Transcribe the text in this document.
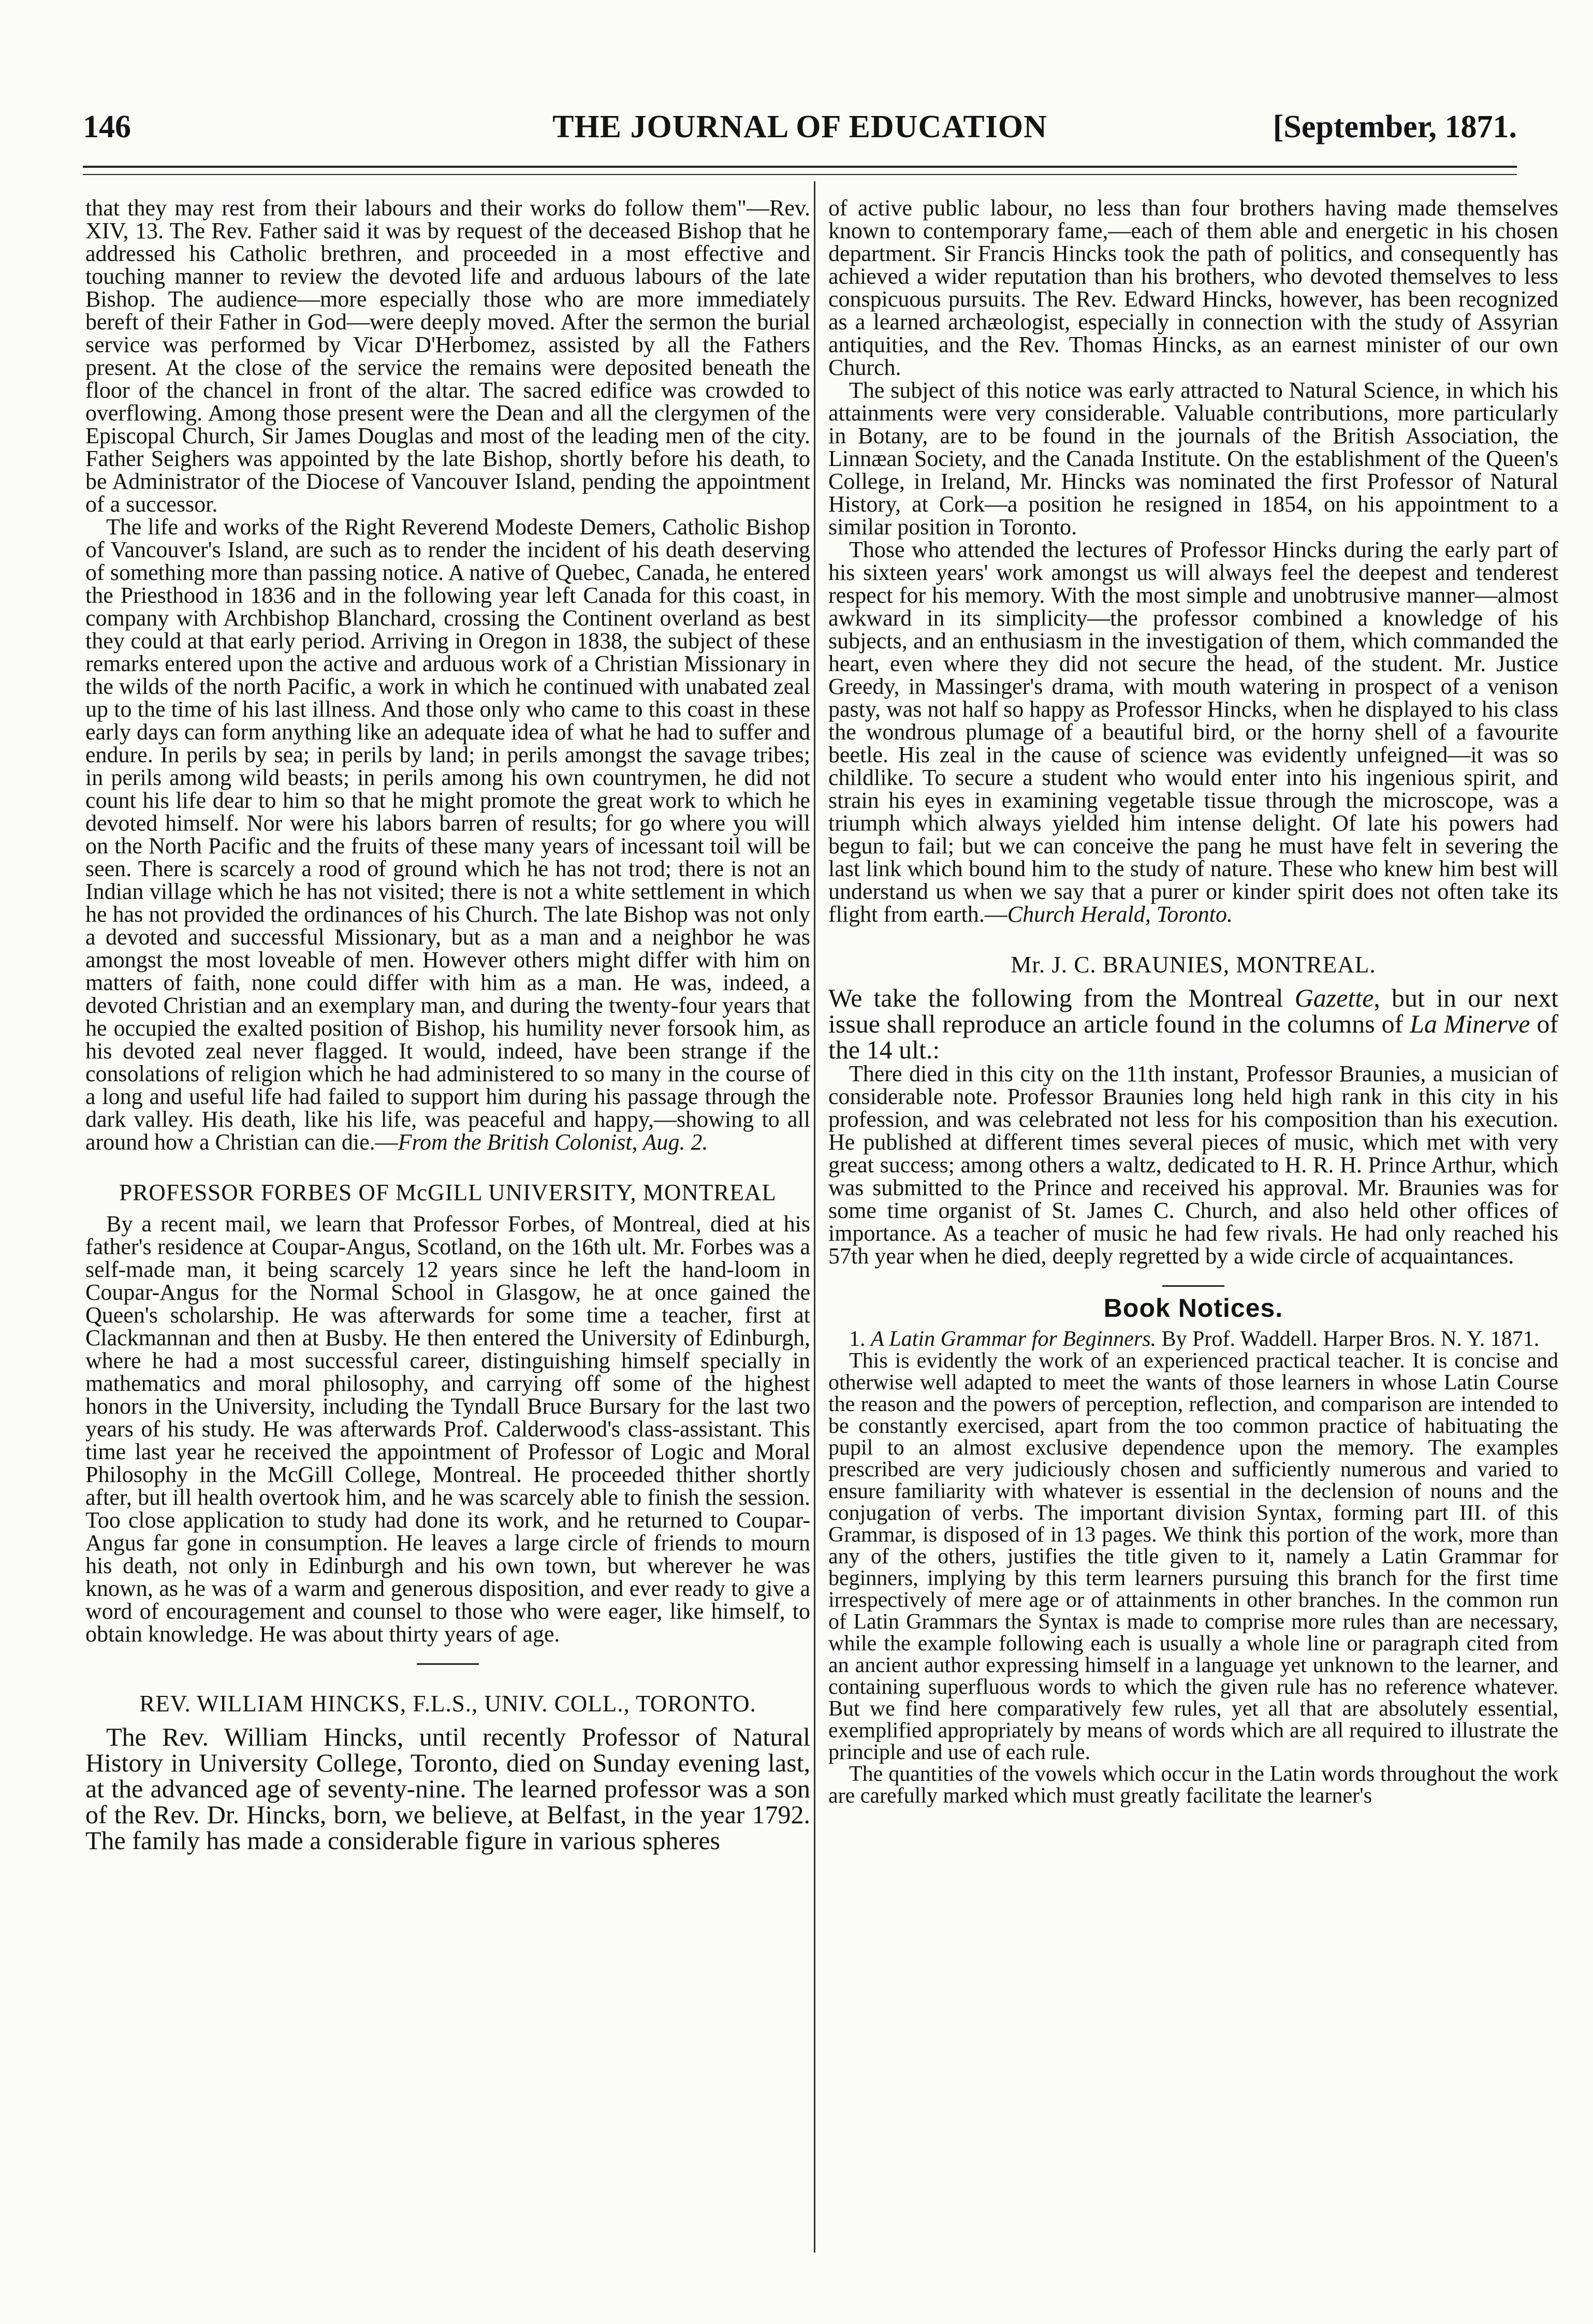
146	THE JOURNAL OF EDUCATION	[September, 1871.

that they may rest from their labours and their works do follow them"—Rev. XIV, 13. The Rev. Father said it was by request of the deceased Bishop that he addressed his Catholic brethren, and proceeded in a most effective and touching manner to review the devoted life and arduous labours of the late Bishop. The audience—more especially those who are more immediately bereft of their Father in God—were deeply moved. After the sermon the burial service was performed by Vicar D'Herbomez, assisted by all the Fathers present. At the close of the service the remains were deposited beneath the floor of the chancel in front of the altar. The sacred edifice was crowded to overflowing. Among those present were the Dean and all the clergymen of the Episcopal Church, Sir James Douglas and most of the leading men of the city. Father Seighers was appointed by the late Bishop, shortly before his death, to be Administrator of the Diocese of Vancouver Island, pending the appointment of a successor.

The life and works of the Right Reverend Modeste Demers, Catholic Bishop of Vancouver's Island, are such as to render the incident of his death deserving of something more than passing notice. A native of Quebec, Canada, he entered the Priesthood in 1836 and in the following year left Canada for this coast, in company with Archbishop Blanchard, crossing the Continent overland as best they could at that early period. Arriving in Oregon in 1838, the subject of these remarks entered upon the active and arduous work of a Christian Missionary in the wilds of the north Pacific, a work in which he continued with unabated zeal up to the time of his last illness. And those only who came to this coast in these early days can form anything like an adequate idea of what he had to suffer and endure. In perils by sea; in perils by land; in perils amongst the savage tribes; in perils among wild beasts; in perils among his own countrymen, he did not count his life dear to him so that he might promote the great work to which he devoted himself. Nor were his labors barren of results; for go where you will on the North Pacific and the fruits of these many years of incessant toil will be seen. There is scarcely a rood of ground which he has not trod; there is not an Indian village which he has not visited; there is not a white settlement in which he has not provided the ordinances of his Church. The late Bishop was not only a devoted and successful Missionary, but as a man and a neighbor he was amongst the most loveable of men. However others might differ with him on matters of faith, none could differ with him as a man. He was, indeed, a devoted Christian and an exemplary man, and during the twenty-four years that he occupied the exalted position of Bishop, his humility never forsook him, as his devoted zeal never flagged. It would, indeed, have been strange if the consolations of religion which he had administered to so many in the course of a long and useful life had failed to support him during his passage through the dark valley. His death, like his life, was peaceful and happy,—showing to all around how a Christian can die.—From the British Colonist, Aug. 2.

PROFESSOR FORBES OF McGILL UNIVERSITY, MONTREAL

By a recent mail, we learn that Professor Forbes, of Montreal, died at his father's residence at Coupar-Angus, Scotland, on the 16th ult. Mr. Forbes was a self-made man, it being scarcely 12 years since he left the hand-loom in Coupar-Angus for the Normal School in Glasgow, he at once gained the Queen's scholarship. He was afterwards for some time a teacher, first at Clackmannan and then at Busby. He then entered the University of Edinburgh, where he had a most successful career, distinguishing himself specially in mathematics and moral philosophy, and carrying off some of the highest honors in the University, including the Tyndall Bruce Bursary for the last two years of his study. He was afterwards Prof. Calderwood's class-assistant. This time last year he received the appointment of Professor of Logic and Moral Philosophy in the McGill College, Montreal. He proceeded thither shortly after, but ill health overtook him, and he was scarcely able to finish the session. Too close application to study had done its work, and he returned to Coupar-Angus far gone in consumption. He leaves a large circle of friends to mourn his death, not only in Edinburgh and his own town, but wherever he was known, as he was of a warm and generous disposition, and ever ready to give a word of encouragement and counsel to those who were eager, like himself, to obtain knowledge. He was about thirty years of age.

REV. WILLIAM HINCKS, F.L.S., UNIV. COLL., TORONTO.

The Rev. William Hincks, until recently Professor of Natural History in University College, Toronto, died on Sunday evening last, at the advanced age of seventy-nine. The learned professor was a son of the Rev. Dr. Hincks, born, we believe, at Belfast, in the year 1792. The family has made a considerable figure in various spheres

of active public labour, no less than four brothers having made themselves known to contemporary fame,—each of them able and energetic in his chosen department. Sir Francis Hincks took the path of politics, and consequently has achieved a wider reputation than his brothers, who devoted themselves to less conspicuous pursuits. The Rev. Edward Hincks, however, has been recognized as a learned archæologist, especially in connection with the study of Assyrian antiquities, and the Rev. Thomas Hincks, as an earnest minister of our own Church.

The subject of this notice was early attracted to Natural Science, in which his attainments were very considerable. Valuable contributions, more particularly in Botany, are to be found in the journals of the British Association, the Linnæan Society, and the Canada Institute. On the establishment of the Queen's College, in Ireland, Mr. Hincks was nominated the first Professor of Natural History, at Cork—a position he resigned in 1854, on his appointment to a similar position in Toronto.

Those who attended the lectures of Professor Hincks during the early part of his sixteen years' work amongst us will always feel the deepest and tenderest respect for his memory. With the most simple and unobtrusive manner—almost awkward in its simplicity—the professor combined a knowledge of his subjects, and an enthusiasm in the investigation of them, which commanded the heart, even where they did not secure the head, of the student. Mr. Justice Greedy, in Massinger's drama, with mouth watering in prospect of a venison pasty, was not half so happy as Professor Hincks, when he displayed to his class the wondrous plumage of a beautiful bird, or the horny shell of a favourite beetle. His zeal in the cause of science was evidently unfeigned—it was so childlike. To secure a student who would enter into his ingenious spirit, and strain his eyes in examining vegetable tissue through the microscope, was a triumph which always yielded him intense delight. Of late his powers had begun to fail; but we can conceive the pang he must have felt in severing the last link which bound him to the study of nature. These who knew him best will understand us when we say that a purer or kinder spirit does not often take its flight from earth.—Church Herald, Toronto.

Mr. J. C. BRAUNIES, MONTREAL.

We take the following from the Montreal Gazette, but in our next issue shall reproduce an article found in the columns of La Minerve of the 14 ult.:

There died in this city on the 11th instant, Professor Braunies, a musician of considerable note. Professor Braunies long held high rank in this city in his profession, and was celebrated not less for his composition than his execution. He published at different times several pieces of music, which met with very great success; among others a waltz, dedicated to H. R. H. Prince Arthur, which was submitted to the Prince and received his approval. Mr. Braunies was for some time organist of St. James C. Church, and also held other offices of importance. As a teacher of music he had few rivals. He had only reached his 57th year when he died, deeply regretted by a wide circle of acquaintances.

Book Notices.

1. A Latin Grammar for Beginners. By Prof. Waddell. Harper Bros. N. Y. 1871.

This is evidently the work of an experienced practical teacher. It is concise and otherwise well adapted to meet the wants of those learners in whose Latin Course the reason and the powers of perception, reflection, and comparison are intended to be constantly exercised, apart from the too common practice of habituating the pupil to an almost exclusive dependence upon the memory. The examples prescribed are very judiciously chosen and sufficiently numerous and varied to ensure familiarity with whatever is essential in the declension of nouns and the conjugation of verbs. The important division Syntax, forming part III. of this Grammar, is disposed of in 13 pages. We think this portion of the work, more than any of the others, justifies the title given to it, namely a Latin Grammar for beginners, implying by this term learners pursuing this branch for the first time irrespectively of mere age or of attainments in other branches. In the common run of Latin Grammars the Syntax is made to comprise more rules than are necessary, while the example following each is usually a whole line or paragraph cited from an ancient author expressing himself in a language yet unknown to the learner, and containing superfluous words to which the given rule has no reference whatever. But we find here comparatively few rules, yet all that are absolutely essential, exemplified appropriately by means of words which are all required to illustrate the principle and use of each rule.

The quantities of the vowels which occur in the Latin words throughout the work are carefully marked which must greatly facilitate the learner's
